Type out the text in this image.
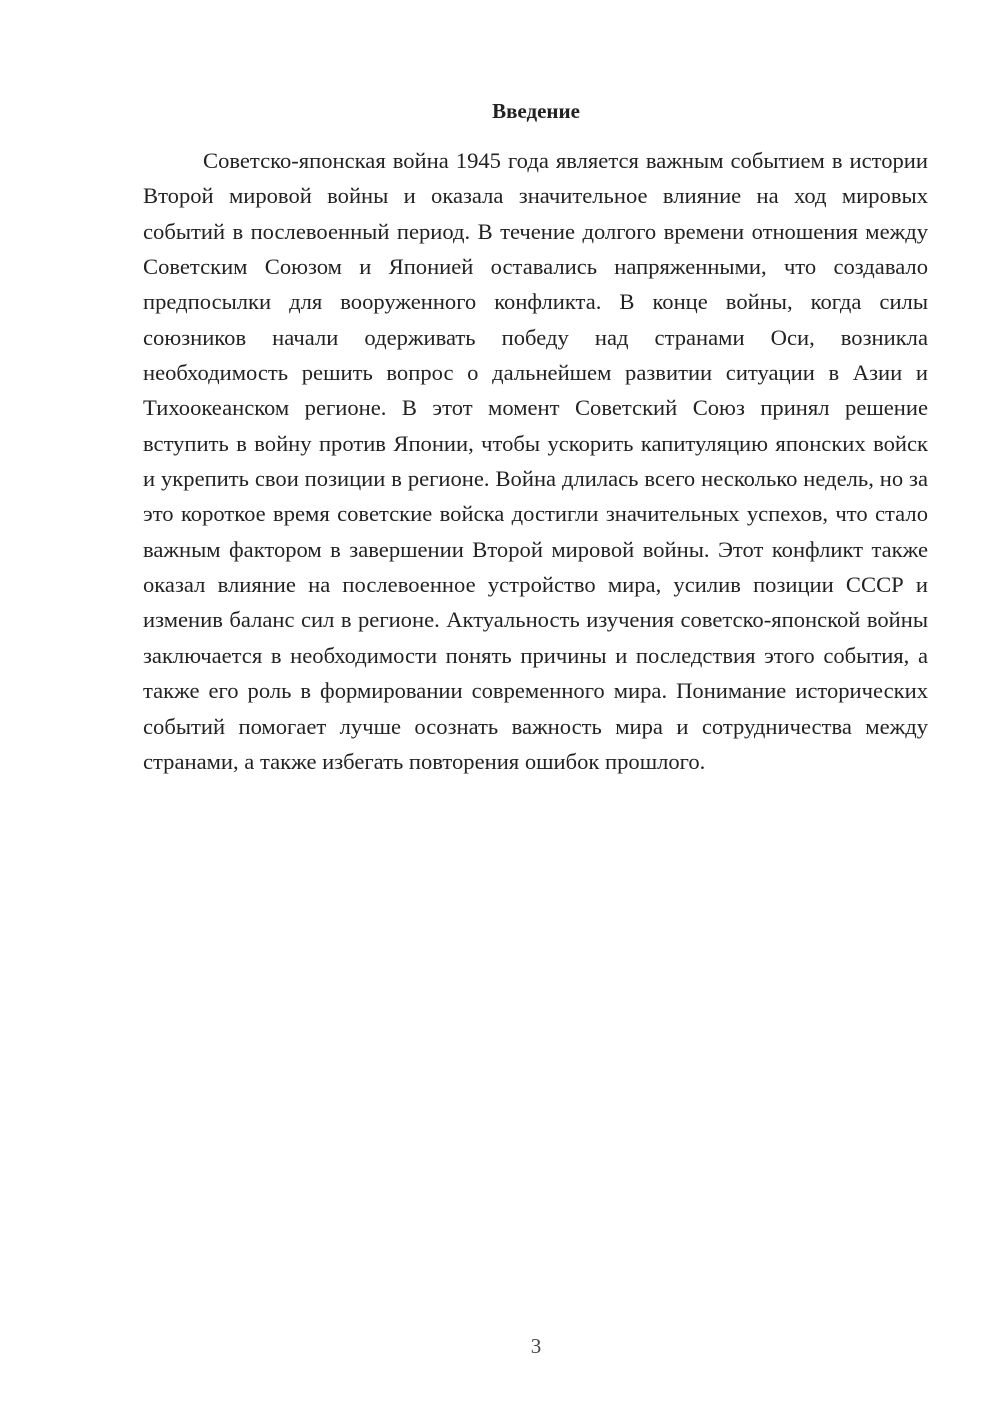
Введение

Советско-японская война 1945 года является важным событием в истории Второй мировой войны и оказала значительное влияние на ход мировых событий в послевоенный период. В течение долгого времени отношения между Советским Союзом и Японией оставались напряженными, что создавало предпосылки для вооруженного конфликта. В конце войны, когда силы союзников начали одерживать победу над странами Оси, возникла необходимость решить вопрос о дальнейшем развитии ситуации в Азии и Тихоокеанском регионе. В этот момент Советский Союз принял решение вступить в войну против Японии, чтобы ускорить капитуляцию японских войск и укрепить свои позиции в регионе. Война длилась всего несколько недель, но за это короткое время советские войска достигли значительных успехов, что стало важным фактором в завершении Второй мировой войны. Этот конфликт также оказал влияние на послевоенное устройство мира, усилив позиции СССР и изменив баланс сил в регионе. Актуальность изучения советско-японской войны заключается в необходимости понять причины и последствия этого события, а также его роль в формировании современного мира. Понимание исторических событий помогает лучше осознать важность мира и сотрудничества между странами, а также избегать повторения ошибок прошлого.

3
